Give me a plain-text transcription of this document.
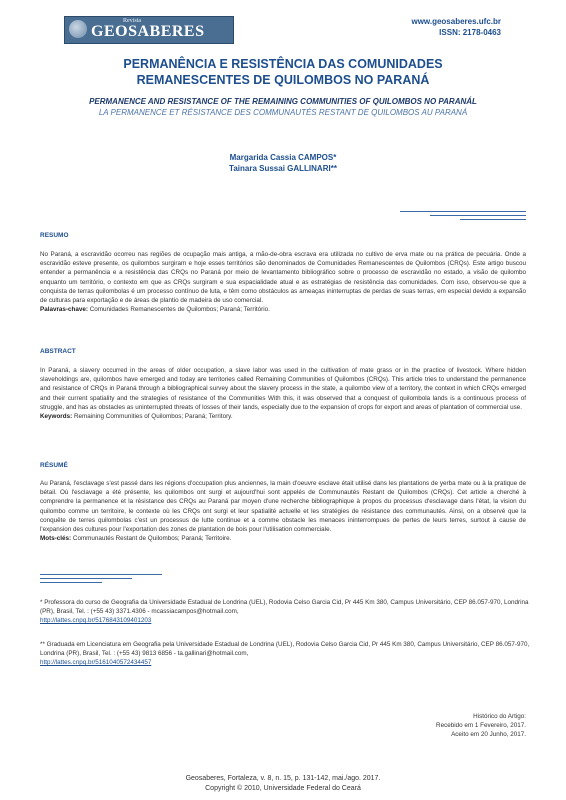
Revista
GEOSABERES
www.geosaberes.ufc.br
ISSN: 2178-0463
PERMANÊNCIA E RESISTÊNCIA DAS COMUNIDADES
REMANESCENTES DE QUILOMBOS NO PARANÁ
PERMANENCE AND RESISTANCE OF THE REMAINING COMMUNITIES OF QUILOMBOS NO PARANÁL
LA PERMANENCE ET RÉSISTANCE DES COMMUNAUTÉS RESTANT DE QUILOMBOS AU PARANÁ
Margarida Cassia CAMPOS*
Tainara Sussai GALLINARI**
RESUMO
No Paraná, a escravidão ocorreu nas regiões de ocupação mais antiga, a mão-de-obra escrava era utilizada no cultivo de erva mate ou na prática de pecuária. Onde a escravidão esteve presente, os quilombos surgiram e hoje esses territórios são denominados de Comunidades Remanescentes de Quilombos (CRQs). Este artigo buscou entender a permanência e a resistência das CRQs no Paraná por meio de levantamento bibliográfico sobre o processo de escravidão no estado, a visão de quilombo enquanto um território, o contexto em que as CRQs surgiram e sua espacialidade atual e as estratégias de resistência das comunidades. Com isso, observou-se que a conquista de terras quilombolas é um processo contínuo de luta, e têm como obstáculos as ameaças ininterruptas de perdas de suas terras, em especial devido a expansão de culturas para exportação e de áreas de plantio de madeira de uso comercial.
Palavras-chave: Comunidades Remanescentes de Quilombos; Paraná; Território.
ABSTRACT
In Paraná, a slavery occurred in the areas of older occupation, a slave labor was used in the cultivation of mate grass or in the practice of livestock. Where hidden slaveholdings are, quilombos have emerged and today are territories called Remaining Communities of Quilombos (CRQs). This article tries to understand the permanence and resistance of CRQs in Paraná through a bibliographical survey about the slavery process in the state, a quilombo view of a territory, the context in which CRQs emerged and their current spatiality and the strategies of resistance of the Communities With this, it was observed that a conquest of quilombola lands is a continuous process of struggle, and has as obstacles as uninterrupted threats of losses of their lands, especially due to the expansion of crops for export and areas of plantation of commercial use.
Keywords: Remaining Communities of Quilombos; Paraná; Territory.
RÉSUMÉ
Au Paraná, l'esclavage s'est passé dans les régions d'occupation plus anciennes, la main d'oeuvre esclave était utilisé dans les plantations de yerba mate ou à la pratique de bétail. Où l'esclavage a été présente, les quilombos ont surgi et aujourd'hui sont appelés de Communautés Restant de Quilombos (CRQs). Cet article a cherché à comprendre la permanence et la résistance des CRQs au Paraná par moyen d'une recherche bibliographique à propos du processus d'esclavage dans l'état, la vision du quilombo comme un territoire, le contexte où les CRQs ont surgi et leur spatialité actuelle et les stratégies de résistance des communautés. Ainsi, on a observé que la conquête de terres quilombolas c'est un processus de lutte continue et a comme obstacle les menaces ininterrompues de pertes de leurs terres, surtout à cause de l'expansion des cultures pour l'exportation des zones de plantation de bois pour l'utilisation commerciale.
Mots-clés: Communautés Restant de Quilombos; Paraná; Territoire.
* Professora do curso de Geografia da Universidade Estadual de Londrina (UEL), Rodovia Celso Garcia Cid, Pr 445 Km 380, Campus Universitário, CEP 86.057-970, Londrina (PR), Brasil, Tel. : (+55 43) 3371.4306 - mcassiacampos@hotmail.com,
http://lattes.cnpq.br/5176843109401203
** Graduada em Licenciatura em Geografia pela Universidade Estadual de Londrina (UEL), Rodovia Celso Garcia Cid, Pr 445 Km 380, Campus Universitário, CEP 86.057-970, Londrina (PR), Brasil, Tel. : (+55 43) 9813 6856 - ta.gallinari@hotmail.com,
http://lattes.cnpq.br/5161040572434457
Histórico do Artigo:
Recebido em 1 Fevereiro, 2017.
Aceito em 20 Junho, 2017.
Geosaberes, Fortaleza, v. 8, n. 15, p. 131-142, mai./ago. 2017.
Copyright © 2010, Universidade Federal do Ceará
